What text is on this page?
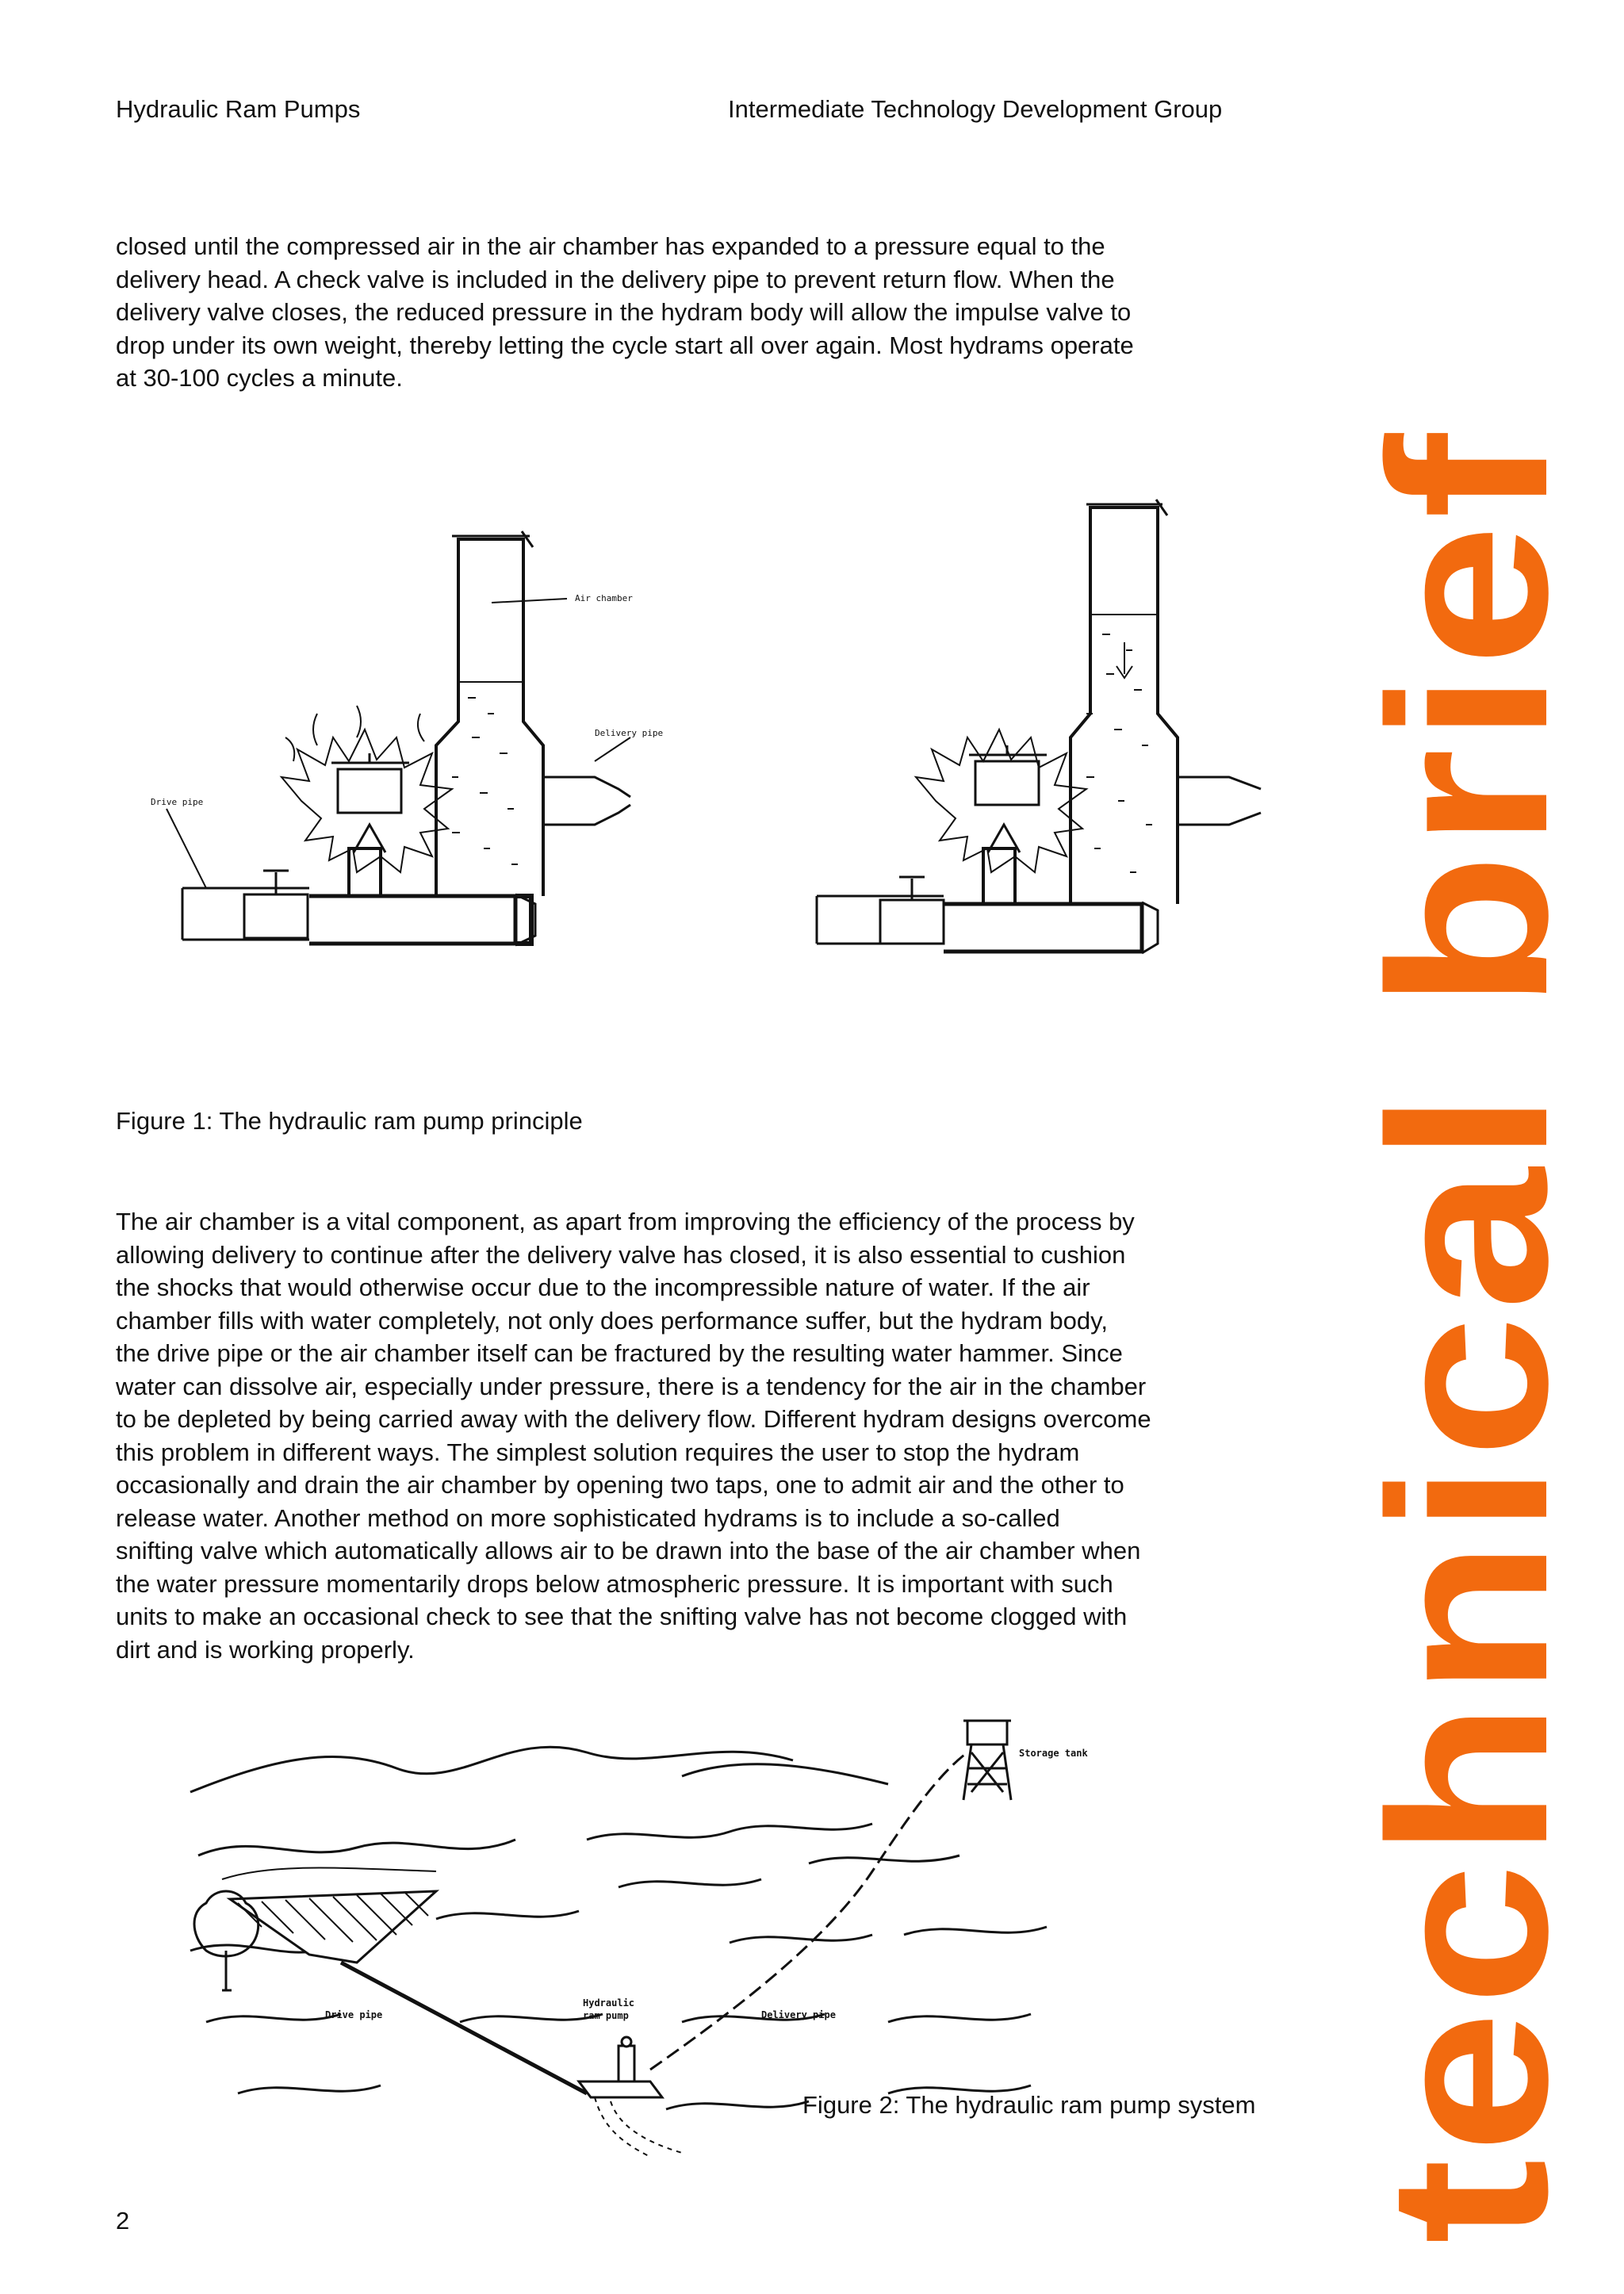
Hydraulic Ram Pumps	Intermediate Technology Development Group

closed until the compressed air in the air chamber has expanded to a pressure equal to the
delivery head. A check valve is included in the delivery pipe to prevent return flow. When the
delivery valve closes, the reduced pressure in the hydram body will allow the impulse valve to
drop under its own weight, thereby letting the cycle start all over again. Most hydrams operate
at 30-100 cycles a minute.

Air chamber
Delivery pipe
Drive pipe

Figure 1: The hydraulic ram pump principle

The air chamber is a vital component, as apart from improving the efficiency of the process by
allowing delivery to continue after the delivery valve has closed, it is also essential to cushion
the shocks that would otherwise occur due to the incompressible nature of water. If the air
chamber fills with water completely, not only does performance suffer, but the hydram body,
the drive pipe or the air chamber itself can be fractured by the resulting water hammer. Since
water can dissolve air, especially under pressure, there is a tendency for the air in the chamber
to be depleted by being carried away with the delivery flow. Different hydram designs overcome
this problem in different ways. The simplest solution requires the user to stop the hydram
occasionally and drain the air chamber by opening two taps, one to admit air and the other to
release water. Another method on more sophisticated hydrams is to include a so-called
snifting valve which automatically allows air to be drawn into the base of the air chamber when
the water pressure momentarily drops below atmospheric pressure. It is important with such
units to make an occasional check to see that the snifting valve has not become clogged with
dirt and is working properly.

Storage tank
Hydraulic
ram pump
Drive pipe	Delivery pipe

Figure 2: The hydraulic ram pump system

2	technical brief
